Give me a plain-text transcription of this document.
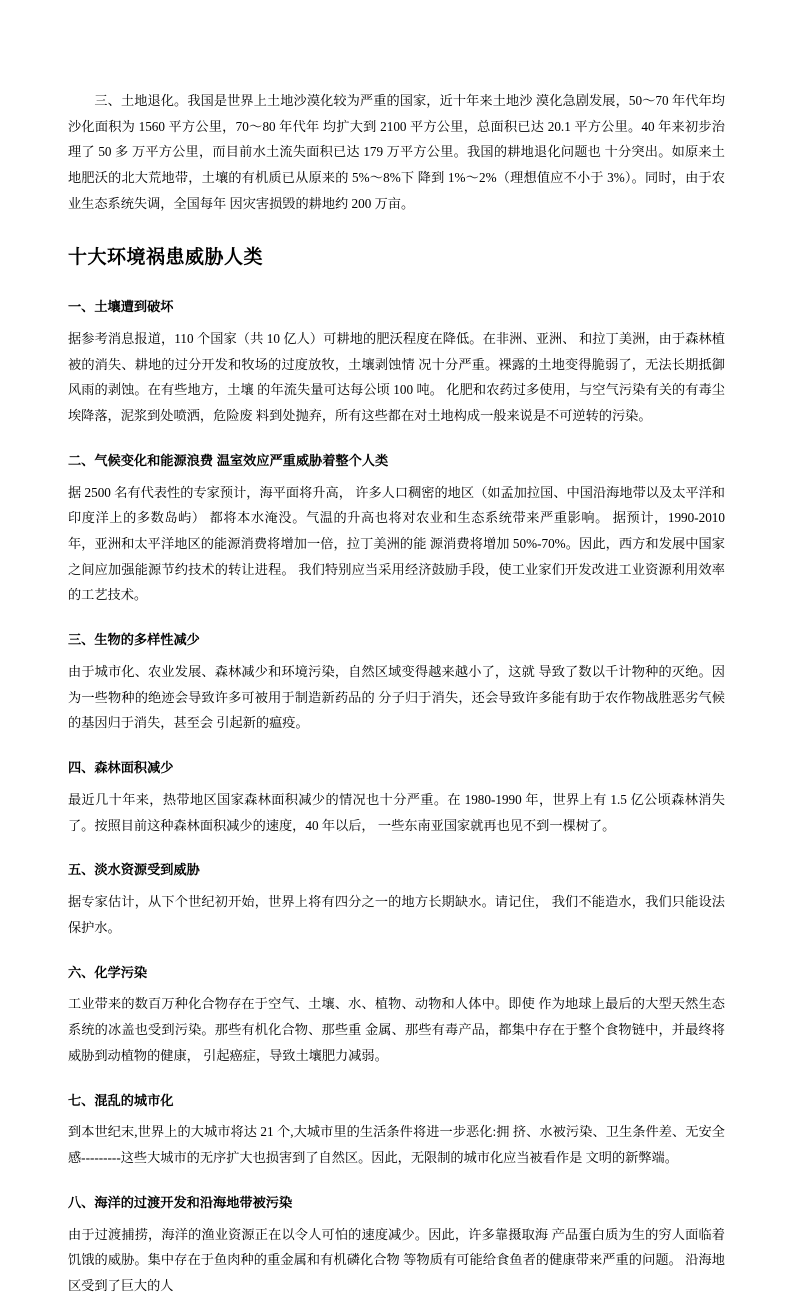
三、土地退化。我国是世界上土地沙漠化较为严重的国家，近十年来土地沙 漠化急剧发展，50～70 年代年均沙化面积为 1560 平方公里，70～80 年代年 均扩大到 2100 平方公里，总面积已达 20.1 平方公里。40 年来初步治理了 50 多 万平方公里，而目前水土流失面积已达 179 万平方公里。我国的耕地退化问题也 十分突出。如原来土地肥沃的北大荒地带，土壤的有机质已从原来的 5%～8%下 降到 1%～2%（理想值应不小于 3%）。同时，由于农业生态系统失调，全国每年 因灾害损毁的耕地约 200 万亩。

十大环境祸患威胁人类
一、土壤遭到破坏

据参考消息报道，110 个国家（共 10 亿人）可耕地的肥沃程度在降低。在非洲、亚洲、 和拉丁美洲，由于森林植被的消失、耕地的过分开发和牧场的过度放牧，土壤剥蚀情 况十分严重。裸露的土地变得脆弱了，无法长期抵御风雨的剥蚀。在有些地方，土壤 的年流失量可达每公顷 100 吨。 化肥和农药过多使用，与空气污染有关的有毒尘埃降落，泥浆到处喷洒，危险废 料到处抛弃，所有这些都在对土地构成一般来说是不可逆转的污染。

二、气候变化和能源浪费 温室效应严重威胁着整个人类

据 2500 名有代表性的专家预计，海平面将升高， 许多人口稠密的地区（如孟加拉国、中国沿海地带以及太平洋和印度洋上的多数岛屿） 都将本水淹没。气温的升高也将对农业和生态系统带来严重影响。 据预计，1990-2010 年，亚洲和太平洋地区的能源消费将增加一倍，拉丁美洲的能 源消费将增加 50%-70%。因此，西方和发展中国家之间应加强能源节约技术的转让进程。 我们特别应当采用经济鼓励手段，使工业家们开发改进工业资源利用效率的工艺技术。

三、生物的多样性减少

由于城市化、农业发展、森林减少和环境污染，自然区域变得越来越小了，这就 导致了数以千计物种的灭绝。因为一些物种的绝迹会导致许多可被用于制造新药品的 分子归于消失，还会导致许多能有助于农作物战胜恶劣气候的基因归于消失，甚至会 引起新的瘟疫。

四、森林面积减少

最近几十年来，热带地区国家森林面积减少的情况也十分严重。在 1980-1990 年，世界上有 1.5 亿公顷森林消失了。按照目前这种森林面积减少的速度，40 年以后， 一些东南亚国家就再也见不到一棵树了。

五、淡水资源受到威胁

据专家估计，从下个世纪初开始，世界上将有四分之一的地方长期缺水。请记住， 我们不能造水，我们只能设法保护水。

六、化学污染

工业带来的数百万种化合物存在于空气、土壤、水、植物、动物和人体中。即使 作为地球上最后的大型天然生态系统的冰盖也受到污染。那些有机化合物、那些重 金属、那些有毒产品，都集中存在于整个食物链中，并最终将威胁到动植物的健康， 引起癌症，导致土壤肥力减弱。

七、混乱的城市化

到本世纪末,世界上的大城市将达 21 个,大城市里的生活条件将进一步恶化:拥 挤、水被污染、卫生条件差、无安全感---------这些大城市的无序扩大也损害到了自然区。因此，无限制的城市化应当被看作是 文明的新弊端。

八、海洋的过渡开发和沿海地带被污染

由于过渡捕捞，海洋的渔业资源正在以令人可怕的速度减少。因此，许多靠摄取海 产品蛋白质为生的穷人面临着饥饿的威胁。集中存在于鱼肉种的重金属和有机磷化合物 等物质有可能给食鱼者的健康带来严重的问题。 沿海地区受到了巨大的人
